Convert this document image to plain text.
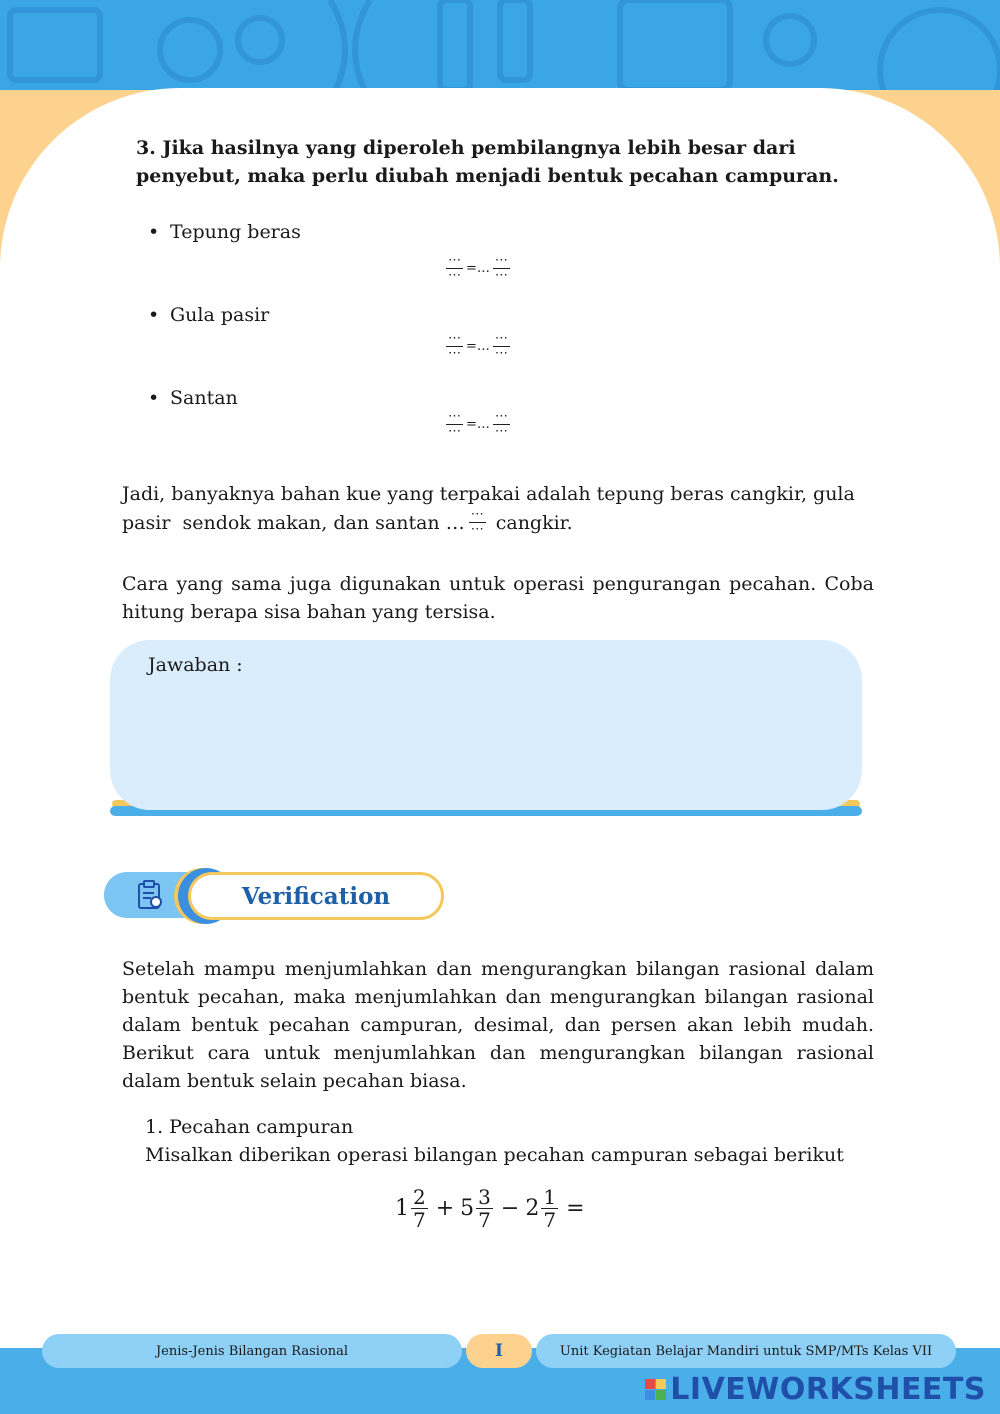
3. Jika hasilnya yang diperoleh pembilangnya lebih besar dari penyebut, maka perlu diubah menjadi bentuk pecahan campuran.
• Tepung beras
$\frac{\cdots}{\cdots}$ =… $\frac{\cdots}{\cdots}$
• Gula pasir
$\frac{\cdots}{\cdots}$ =… $\frac{\cdots}{\cdots}$
• Santan
$\frac{\cdots}{\cdots}$ =… $\frac{\cdots}{\cdots}$
Jadi, banyaknya bahan kue yang terpakai adalah tepung beras cangkir, gula
pasir  sendok makan, dan santan … $\frac{\cdots}{\cdots}$ cangkir.
Cara yang sama juga digunakan untuk operasi pengurangan pecahan. Coba hitung berapa sisa bahan yang tersisa.
Jawaban :
Verification
Setelah mampu menjumlahkan dan mengurangkan bilangan rasional dalam bentuk pecahan, maka menjumlahkan dan mengurangkan bilangan rasional dalam bentuk pecahan campuran, desimal, dan persen akan lebih mudah. Berikut cara untuk menjumlahkan dan mengurangkan bilangan rasional dalam bentuk selain pecahan biasa.
1. Pecahan campuran
Misalkan diberikan operasi bilangan pecahan campuran sebagai berikut
$1 \frac{2}{7} + 5 \frac{3}{7} - 2 \frac{1}{7}$ =
Jenis-Jenis Bilangan Rasional	I	Unit Kegiatan Belajar Mandiri untuk SMP/MTs Kelas VII
LIVEWORKSHEETS
